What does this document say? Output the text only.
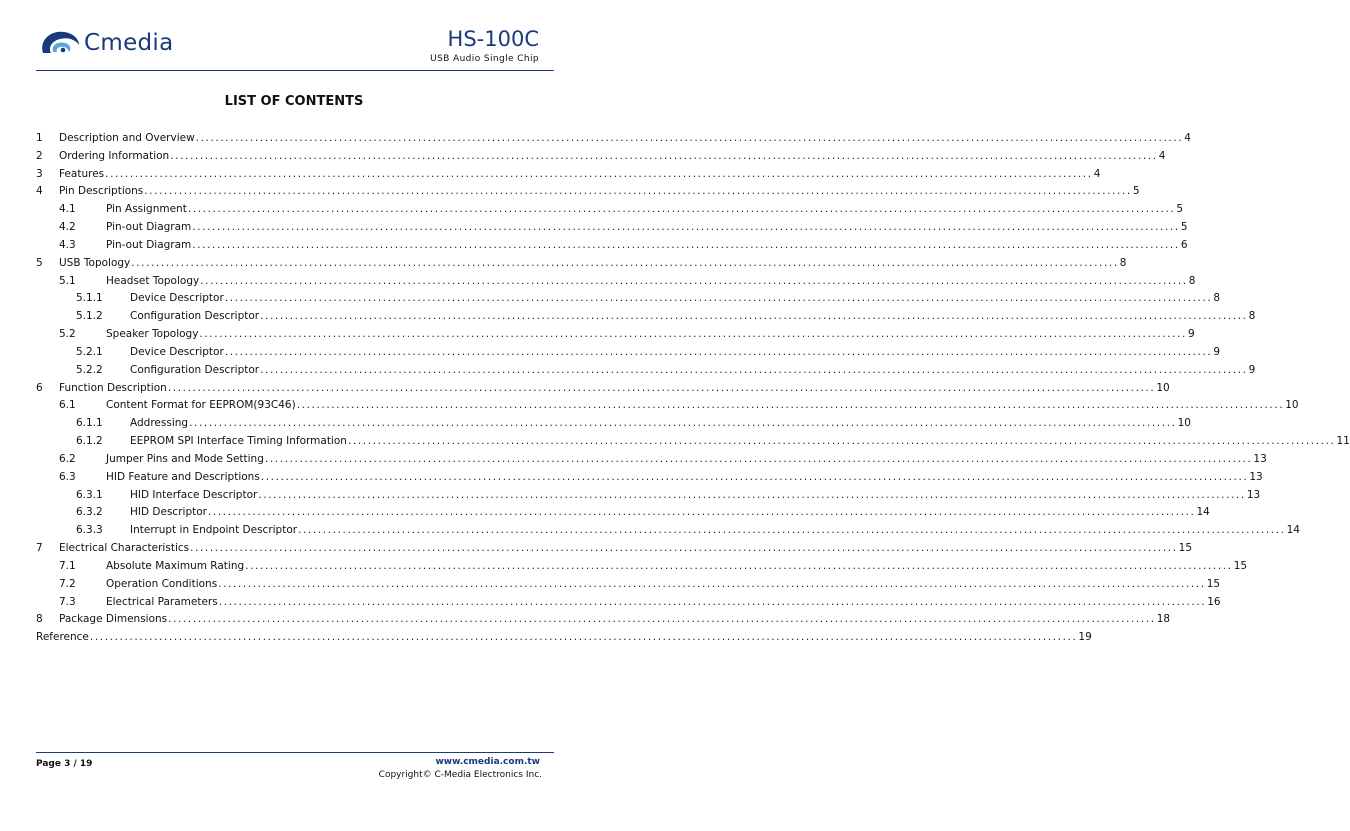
Cmedia	HS-100C
USB Audio Single Chip
LIST OF CONTENTS
1 Description and Overview ........................................................................................................................................................................................................ 4
2 Ordering Information ........................................................................................................................................................................................................ 4
3 Features ........................................................................................................................................................................................................ 4
4 Pin Descriptions ........................................................................................................................................................................................................ 5
4.1	Pin Assignment ........................................................................................................................................................................................................ 5
4.2	Pin-out Diagram ........................................................................................................................................................................................................ 5
4.3	Pin-out Diagram ........................................................................................................................................................................................................ 6
5 USB Topology ........................................................................................................................................................................................................ 8
5.1	Headset Topology ........................................................................................................................................................................................................ 8
5.1.1	Device Descriptor ........................................................................................................................................................................................................ 8
5.1.2	Configuration Descriptor ........................................................................................................................................................................................................ 8
5.2	Speaker Topology ........................................................................................................................................................................................................ 9
5.2.1	Device Descriptor ........................................................................................................................................................................................................ 9
5.2.2	Configuration Descriptor ........................................................................................................................................................................................................ 9
6 Function Description ........................................................................................................................................................................................................ 10
6.1	Content Format for EEPROM(93C46) ........................................................................................................................................................................................................ 10
6.1.1	Addressing ........................................................................................................................................................................................................ 10
6.1.2	EEPROM SPI Interface Timing Information ........................................................................................................................................................................................................ 11
6.2	Jumper Pins and Mode Setting ........................................................................................................................................................................................................ 13
6.3	HID Feature and Descriptions ........................................................................................................................................................................................................ 13
6.3.1	HID Interface Descriptor ........................................................................................................................................................................................................ 13
6.3.2	HID Descriptor ........................................................................................................................................................................................................ 14
6.3.3	Interrupt in Endpoint Descriptor ........................................................................................................................................................................................................ 14
7 Electrical Characteristics ........................................................................................................................................................................................................ 15
7.1	Absolute Maximum Rating ........................................................................................................................................................................................................ 15
7.2	Operation Conditions ........................................................................................................................................................................................................ 15
7.3	Electrical Parameters ........................................................................................................................................................................................................ 16
8 Package Dimensions ........................................................................................................................................................................................................ 18
Reference ........................................................................................................................................................................................................ 19
Page 3 / 19	www.cmedia.com.tw
Copyright© C-Media Electronics Inc.
